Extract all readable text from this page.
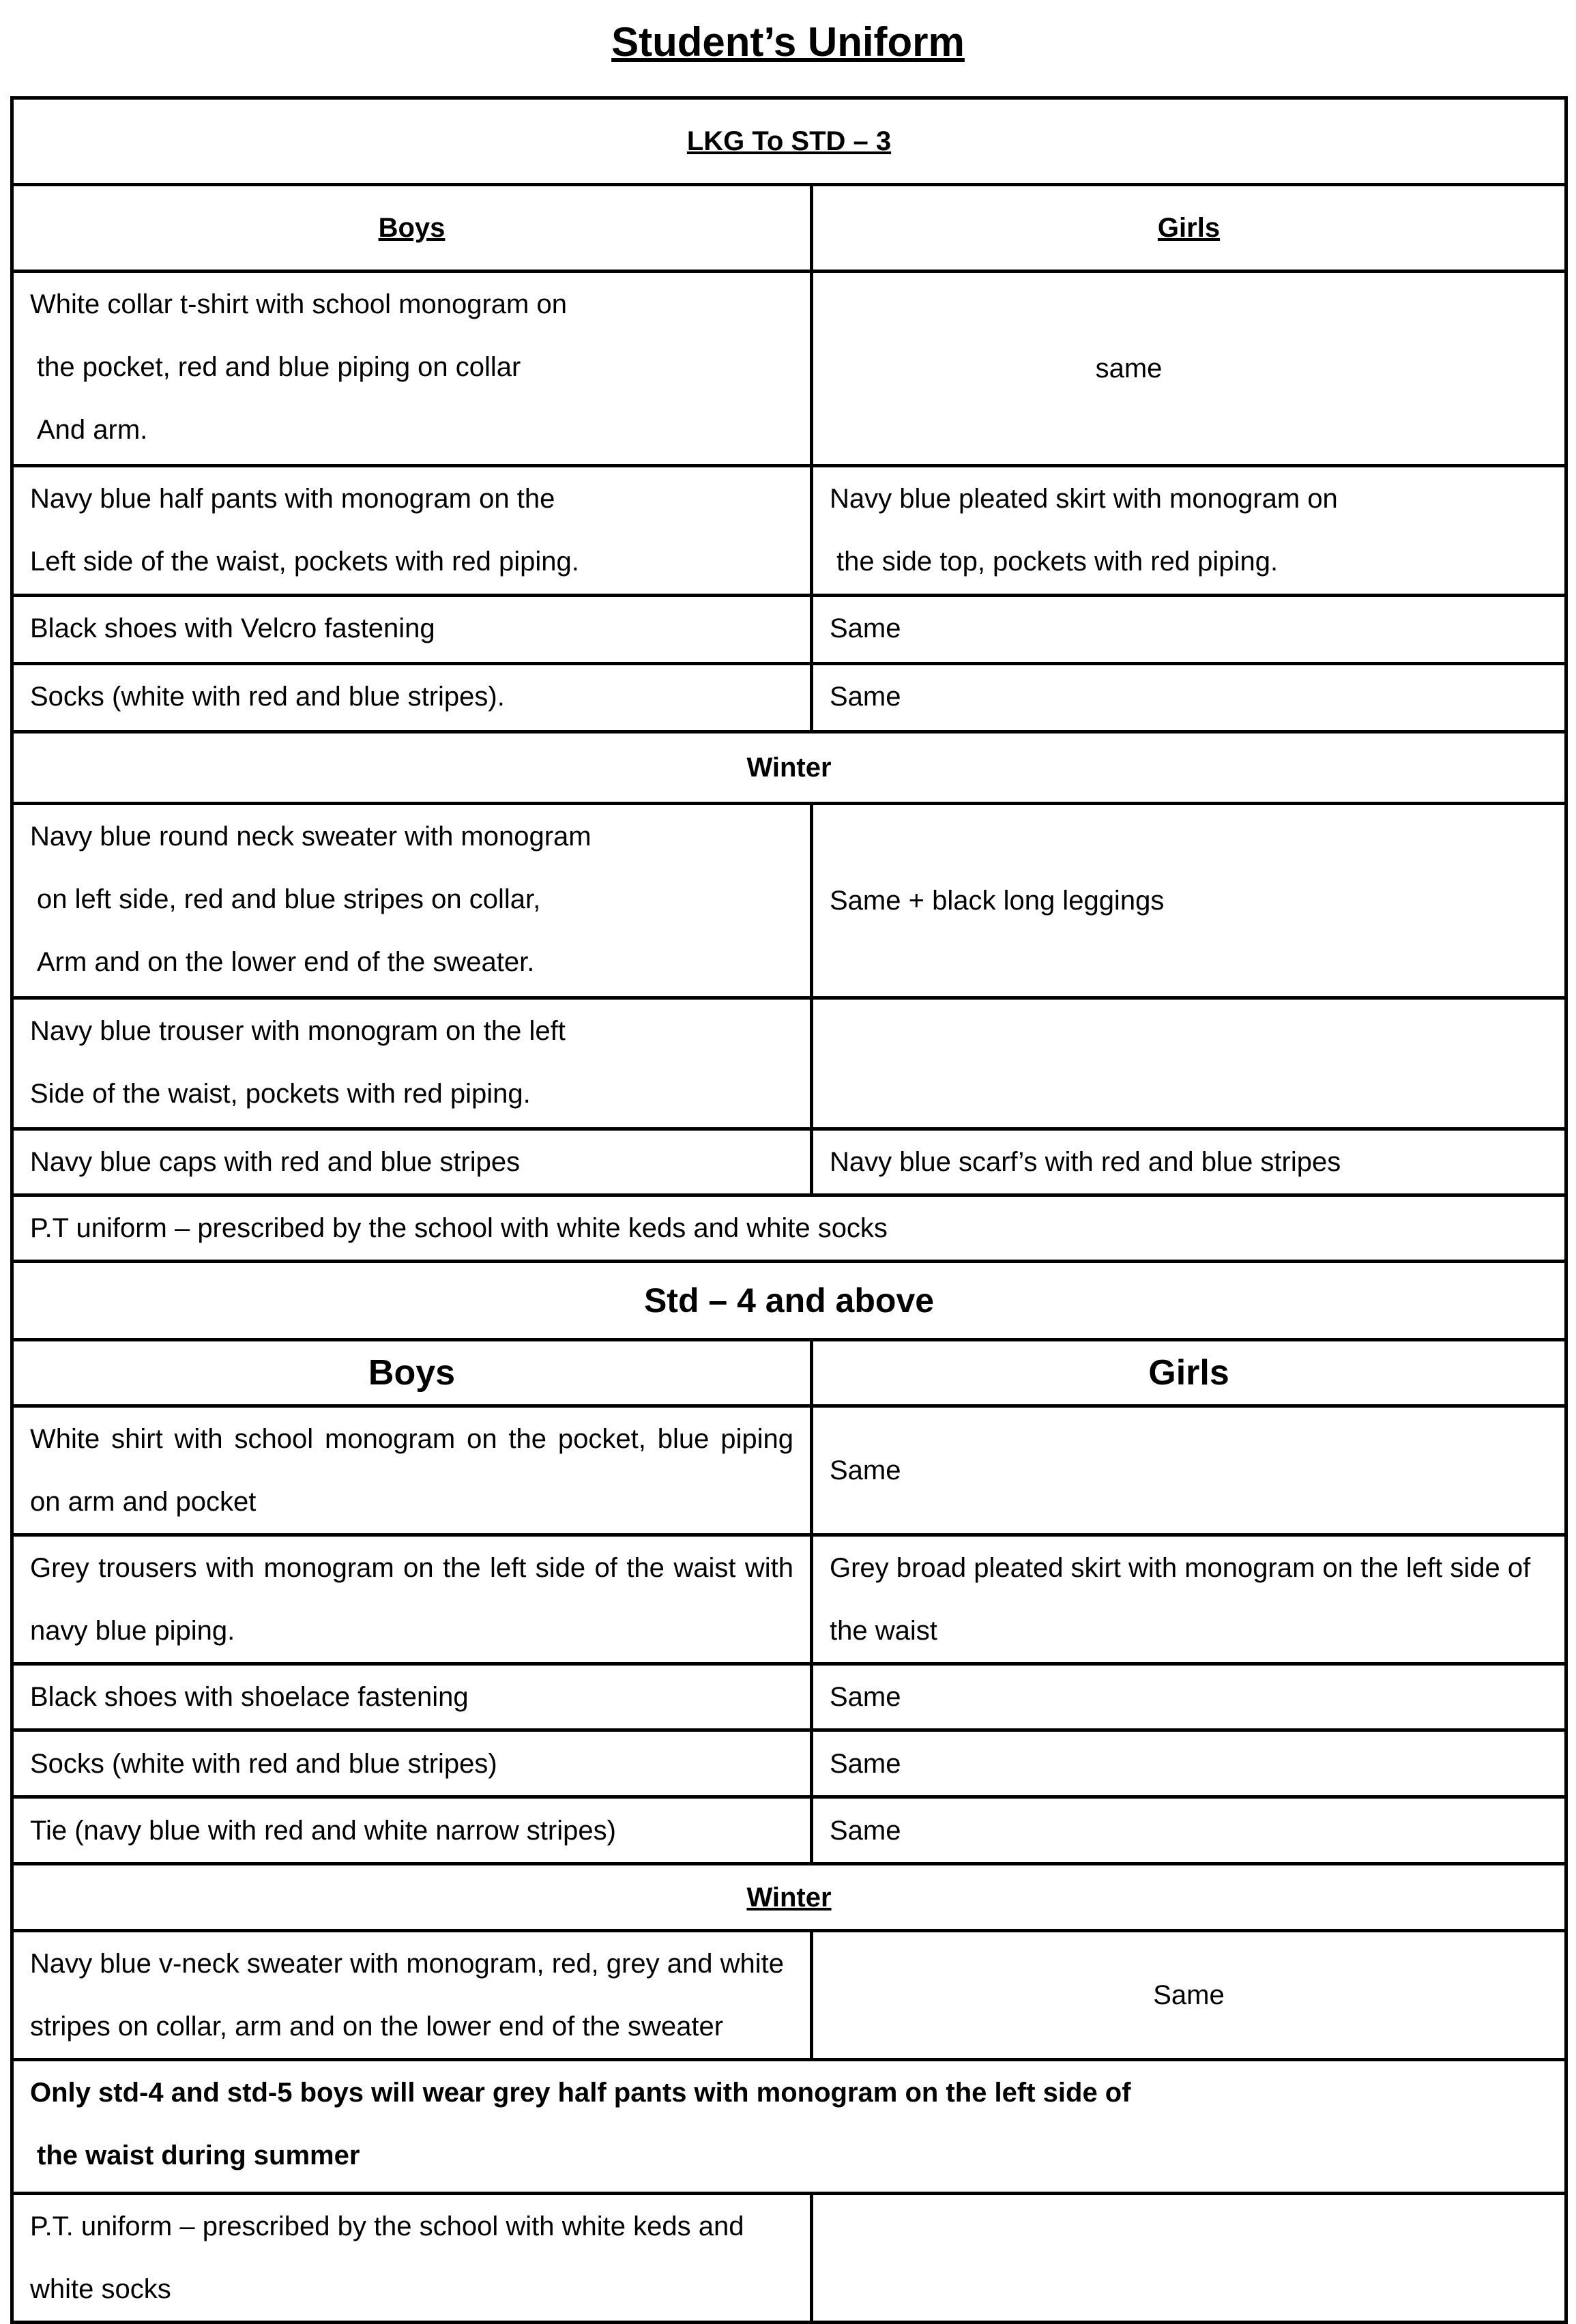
Student’s Uniform
LKG To STD – 3	
Boys	Girls

White collar t-shirt with school monogram on
the pocket, red and blue piping on collar
And arm.	same

Navy blue half pants with monogram on the
Left side of the waist, pockets with red piping.	Navy blue pleated skirt with monogram on
the side top, pockets with red piping.

Black shoes with Velcro fastening	Same
Socks (white with red and blue stripes).	Same
Winter	

Navy blue round neck sweater with monogram
on left side, red and blue stripes on collar,
Arm and on the lower end of the sweater.	Same + black long leggings

Navy blue trouser with monogram on the left
Side of the waist, pockets with red piping.	

Navy blue caps with red and blue stripes	Navy blue scarf’s with red and blue stripes
P.T uniform – prescribed by the school with white keds and white socks	
Std – 4 and above	
Boys	Girls
White shirt with school monogram on the pocket, blue piping on arm and pocket	Same
Grey trousers with monogram on the left side of the waist with navy blue piping.	Grey broad pleated skirt with monogram on the left side of the waist
Black shoes with shoelace fastening	Same
Socks (white with red and blue stripes)	Same
Tie (navy blue with red and white narrow stripes)	Same
Winter	
Navy blue v-neck sweater with monogram, red, grey and white stripes on collar, arm and on the lower end of the sweater	Same

Only std-4 and std-5 boys will wear grey half pants with monogram on the left side of
the waist during summer	

P.T. uniform – prescribed by the school with white keds and white socks	
